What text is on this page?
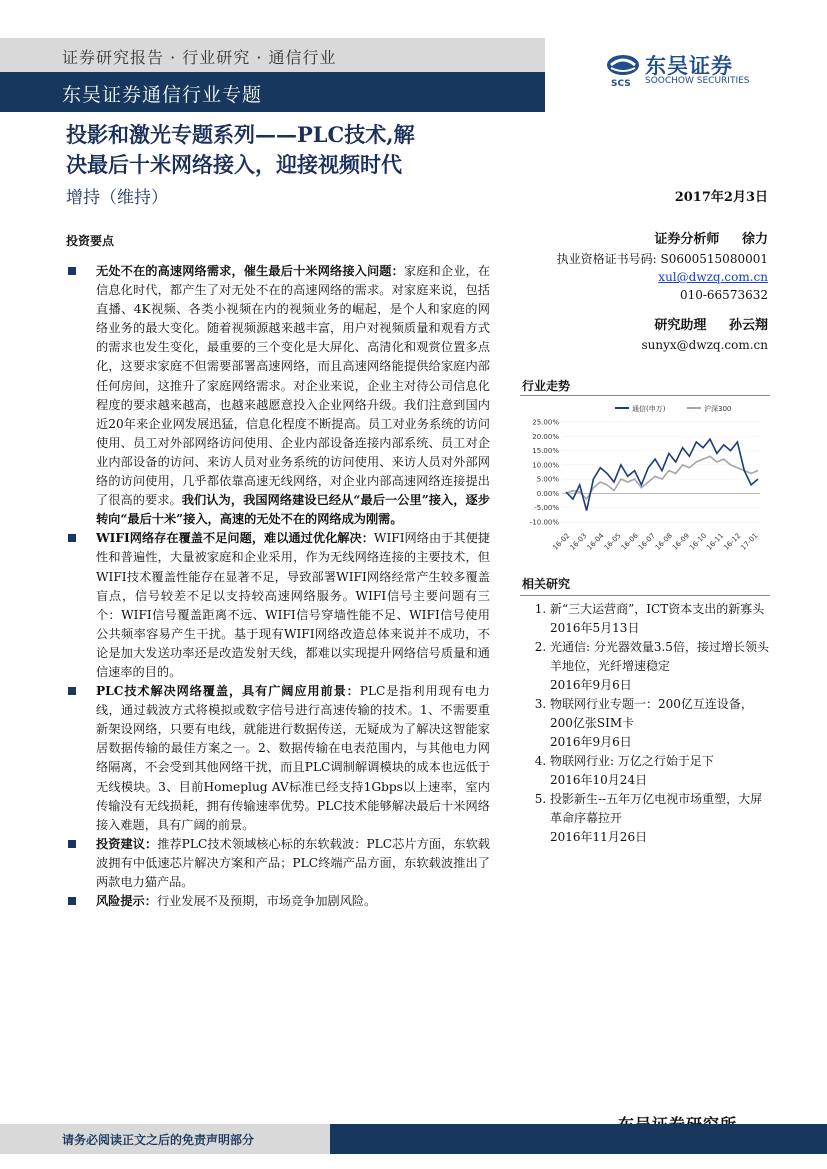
证券研究报告 · 行业研究 · 通信行业
东吴证券通信行业专题	SCS
东吴证券
SOOCHOW SECURITIES
投影和激光专题系列——PLC技术,解
决最后十米网络接入，迎接视频时代
增持（维持）	2017年2月3日
投资要点

无处不在的高速网络需求，催生最后十米网络接入问题：家庭和企业，在信息化时代，都产生了对无处不在的高速网络的需求。对家庭来说，包括直播、4K视频、各类小视频在内的视频业务的崛起，是个人和家庭的网络业务的最大变化。随着视频源越来越丰富，用户对视频质量和观看方式的需求也发生变化，最重要的三个变化是大屏化、高清化和观赏位置多点化，这要求家庭不但需要部署高速网络，而且高速网络能提供给家庭内部任何房间，这推升了家庭网络需求。对企业来说，企业主对待公司信息化程度的要求越来越高，也越来越愿意投入企业网络升级。我们注意到国内近20年来企业网发展迅猛，信息化程度不断提高。员工对业务系统的访问使用、员工对外部网络访问使用、企业内部设备连接内部系统、员工对企业内部设备的访问、来访人员对业务系统的访问使用、来访人员对外部网络的访问使用，几乎都依靠高速无线网络，对企业内部高速网络连接提出了很高的要求。我们认为，我国网络建设已经从“最后一公里”接入，逐步转向“最后十米”接入，高速的无处不在的网络成为刚需。

WIFI网络存在覆盖不足问题，难以通过优化解决：WIFI网络由于其便捷性和普遍性，大量被家庭和企业采用，作为无线网络连接的主要技术，但WIFI技术覆盖性能存在显著不足，导致部署WIFI网络经常产生较多覆盖盲点，信号较差不足以支持较高速网络服务。WIFI信号主要问题有三个：WIFI信号覆盖距离不远、WIFI信号穿墙性能不足、WIFI信号使用公共频率容易产生干扰。基于现有WIFI网络改造总体来说并不成功，不论是加大发送功率还是改造发射天线，都难以实现提升网络信号质量和通信速率的目的。

PLC技术解决网络覆盖，具有广阔应用前景：PLC是指利用现有电力线，通过载波方式将模拟或数字信号进行高速传输的技术。1、不需要重新架设网络，只要有电线，就能进行数据传送，无疑成为了解决这智能家居数据传输的最佳方案之一。2、数据传输在电表范围内，与其他电力网络隔离，不会受到其他网络干扰，而且PLC调制解调模块的成本也远低于无线模块。3、目前Homeplug AV标准已经支持1Gbps以上速率，室内传输没有无线损耗，拥有传输速率优势。PLC技术能够解决最后十米网络接入难题，具有广阔的前景。

投资建议：推荐PLC技术领域核心标的东软载波：PLC芯片方面，东软载波拥有中低速芯片解决方案和产品；PLC终端产品方面，东软载波推出了两款电力猫产品。

风险提示：行业发展不及预期，市场竞争加剧风险。

证券分析师 徐力
执业资格证书号码: S0600515080001
xul@dwzq.com.cn
010-66573632
研究助理 孙云翔
sunyx@dwzq.com.cn
行业走势
通信(申万)	沪深300
25.00%
20.00%
15.00%
10.00%
5.00%
0.00%
-5.00%
-10.00%
16-02
16-03
16-04
16-05
16-06
16-07
16-08
16-09
16-10
16-11
16-12
17-01
相关研究
1. 新“三大运营商”，ICT资本支出的新寡头
2016年5月13日
2. 光通信: 分光器效量3.5倍，接过增长领头羊地位，光纤增速稳定
2016年9月6日
3. 物联网行业专题一：200亿互连设备，200亿张SIM卡
2016年9月6日
4. 物联网行业: 万亿之行始于足下
2016年10月24日
5. 投影新生--五年万亿电视市场重塑，大屏革命序幕拉开
2016年11月26日
请务必阅读正文之后的免责声明部分
